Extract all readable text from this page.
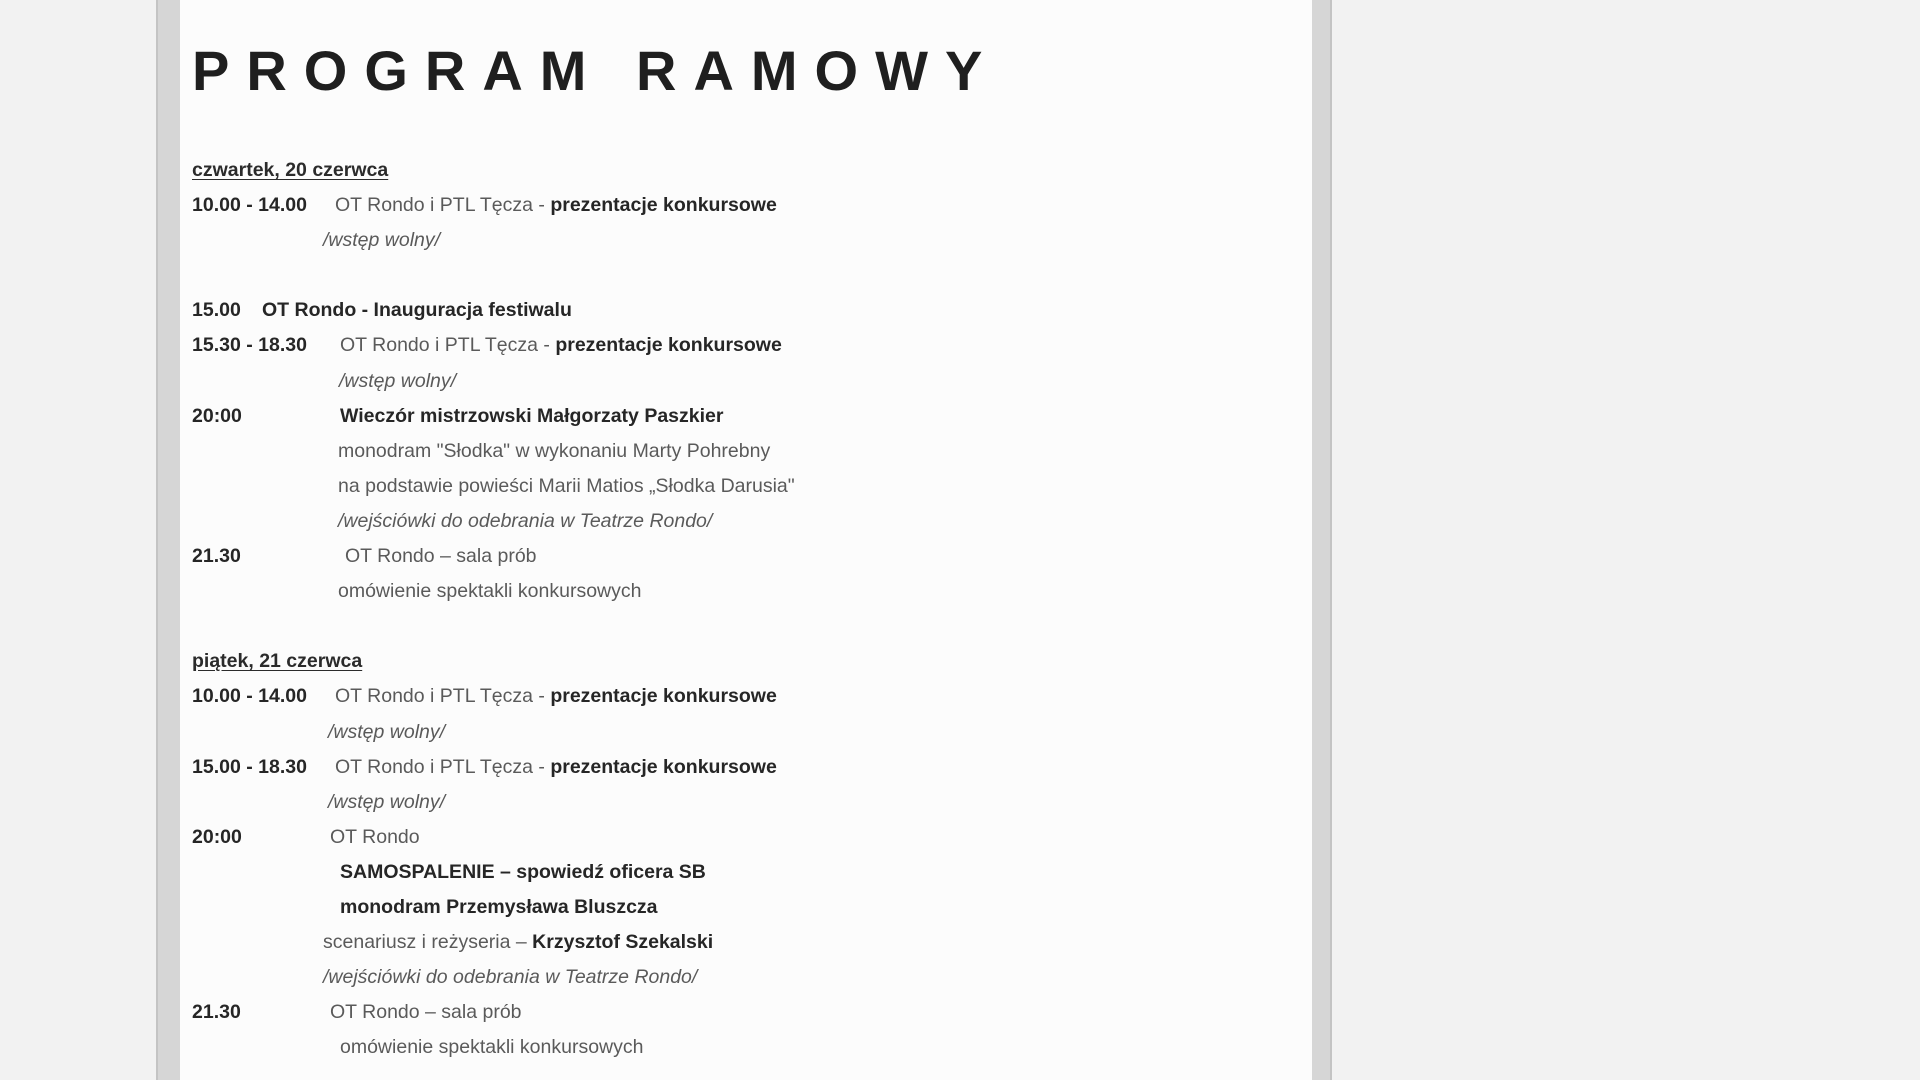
PROGRAM RAMOWY
czwartek, 20 czerwca
10.00 - 14.00 OT Rondo i PTL Tęcza - prezentacje konkursowe
/wstęp wolny/
15.00 OT Rondo - Inauguracja festiwalu
15.30 - 18.30 OT Rondo i PTL Tęcza - prezentacje konkursowe
/wstęp wolny/
20:00	Wieczór mistrzowski Małgorzaty Paszkier
monodram "Słodka" w wykonaniu Marty Pohrebny
na podstawie powieści Marii Matios „Słodka Darusia"
/wejściówki do odebrania w Teatrze Rondo/
21.30	OT Rondo – sala prób
omówienie spektakli konkursowych
piątek, 21 czerwca
10.00 - 14.00 OT Rondo i PTL Tęcza - prezentacje konkursowe
/wstęp wolny/
15.00 - 18.30 OT Rondo i PTL Tęcza - prezentacje konkursowe
/wstęp wolny/
20:00	OT Rondo
SAMOSPALENIE – spowiedź oficera SB
monodram Przemysława Bluszcza
scenariusz i reżyseria – Krzysztof Szekalski
/wejściówki do odebrania w Teatrze Rondo/
21.30	OT Rondo – sala prób
omówienie spektakli konkursowych
